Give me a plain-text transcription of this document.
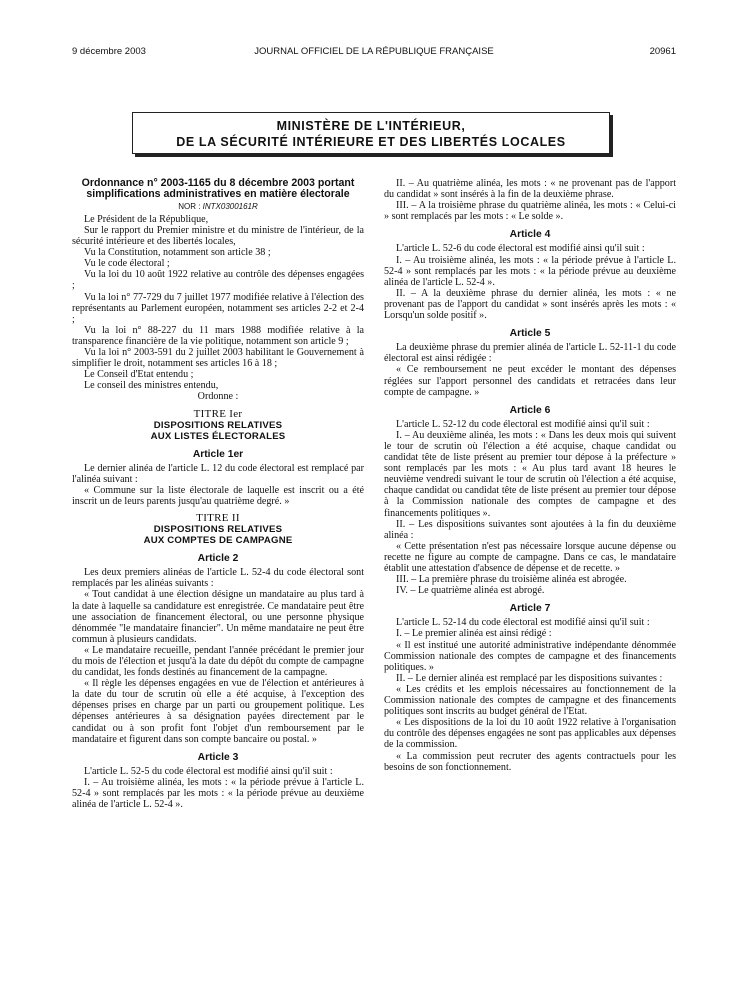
9 décembre 2003	JOURNAL OFFICIEL DE LA RÉPUBLIQUE FRANÇAISE	20961
MINISTÈRE DE L'INTÉRIEUR,
DE LA SÉCURITÉ INTÉRIEURE ET DES LIBERTÉS LOCALES
Ordonnance n° 2003-1165 du 8 décembre 2003 portant simplifications administratives en matière électorale
NOR : INTX0300161R

Le Président de la République,

Sur le rapport du Premier ministre et du ministre de l'intérieur, de la sécurité intérieure et des libertés locales,

Vu la Constitution, notamment son article 38 ;

Vu le code électoral ;

Vu la loi du 10 août 1922 relative au contrôle des dépenses engagées ;

Vu la loi n° 77-729 du 7 juillet 1977 modifiée relative à l'élection des représentants au Parlement européen, notamment ses articles 2-2 et 2-4 ;

Vu la loi n° 88-227 du 11 mars 1988 modifiée relative à la transparence financière de la vie politique, notamment son article 9 ;

Vu la loi n° 2003-591 du 2 juillet 2003 habilitant le Gouvernement à simplifier le droit, notamment ses articles 16 à 18 ;

Le Conseil d'Etat entendu ;

Le conseil des ministres entendu,

Ordonne :

TITRE Ier
DISPOSITIONS RELATIVES
AUX LISTES ÉLECTORALES
Article 1er

Le dernier alinéa de l'article L. 12 du code électoral est remplacé par l'alinéa suivant :

« Commune sur la liste électorale de laquelle est inscrit ou a été inscrit un de leurs parents jusqu'au quatrième degré. »

TITRE II
DISPOSITIONS RELATIVES
AUX COMPTES DE CAMPAGNE
Article 2

Les deux premiers alinéas de l'article L. 52-4 du code électoral sont remplacés par les alinéas suivants :

« Tout candidat à une élection désigne un mandataire au plus tard à la date à laquelle sa candidature est enregistrée. Ce mandataire peut être une association de financement électoral, ou une personne physique dénommée "le mandataire financier". Un même mandataire ne peut être commun à plusieurs candidats.

« Le mandataire recueille, pendant l'année précédant le premier jour du mois de l'élection et jusqu'à la date du dépôt du compte de campagne du candidat, les fonds destinés au financement de la campagne.

« Il règle les dépenses engagées en vue de l'élection et antérieures à la date du tour de scrutin où elle a été acquise, à l'exception des dépenses prises en charge par un parti ou groupement politique. Les dépenses antérieures à sa désignation payées directement par le candidat ou à son profit font l'objet d'un remboursement par le mandataire et figurent dans son compte bancaire ou postal. »

Article 3

L'article L. 52-5 du code électoral est modifié ainsi qu'il suit :

I. – Au troisième alinéa, les mots : « la période prévue à l'article L. 52-4 » sont remplacés par les mots : « la période prévue au deuxième alinéa de l'article L. 52-4 ».

II. – Au quatrième alinéa, les mots : « ne provenant pas de l'apport du candidat » sont insérés à la fin de la deuxième phrase.

III. – A la troisième phrase du quatrième alinéa, les mots : « Celui-ci » sont remplacés par les mots : « Le solde ».

Article 4

L'article L. 52-6 du code électoral est modifié ainsi qu'il suit :

I. – Au troisième alinéa, les mots : « la période prévue à l'article L. 52-4 » sont remplacés par les mots : « la période prévue au deuxième alinéa de l'article L. 52-4 ».

II. – A la deuxième phrase du dernier alinéa, les mots : « ne provenant pas de l'apport du candidat » sont insérés après les mots : « Lorsqu'un solde positif ».

Article 5

La deuxième phrase du premier alinéa de l'article L. 52-11-1 du code électoral est ainsi rédigée :

« Ce remboursement ne peut excéder le montant des dépenses réglées sur l'apport personnel des candidats et retracées dans leur compte de campagne. »

Article 6

L'article L. 52-12 du code électoral est modifié ainsi qu'il suit :

I. – Au deuxième alinéa, les mots : « Dans les deux mois qui suivent le tour de scrutin où l'élection a été acquise, chaque candidat ou candidat tête de liste présent au premier tour dépose à la préfecture » sont remplacés par les mots : « Au plus tard avant 18 heures le neuvième vendredi suivant le tour de scrutin où l'élection a été acquise, chaque candidat ou candidat tête de liste présent au premier tour dépose à la Commission nationale des comptes de campagne et des financements politiques ».

II. – Les dispositions suivantes sont ajoutées à la fin du deuxième alinéa :

« Cette présentation n'est pas nécessaire lorsque aucune dépense ou recette ne figure au compte de campagne. Dans ce cas, le mandataire établit une attestation d'absence de dépense et de recette. »

III. – La première phrase du troisième alinéa est abrogée.

IV. – Le quatrième alinéa est abrogé.

Article 7

L'article L. 52-14 du code électoral est modifié ainsi qu'il suit :

I. – Le premier alinéa est ainsi rédigé :

« Il est institué une autorité administrative indépendante dénommée Commission nationale des comptes de campagne et des financements politiques. »

II. – Le dernier alinéa est remplacé par les dispositions suivantes :

« Les crédits et les emplois nécessaires au fonctionnement de la Commission nationale des comptes de campagne et des financements politiques sont inscrits au budget général de l'Etat.

« Les dispositions de la loi du 10 août 1922 relative à l'organisation du contrôle des dépenses engagées ne sont pas applicables aux dépenses de la commission.

« La commission peut recruter des agents contractuels pour les besoins de son fonctionnement.
